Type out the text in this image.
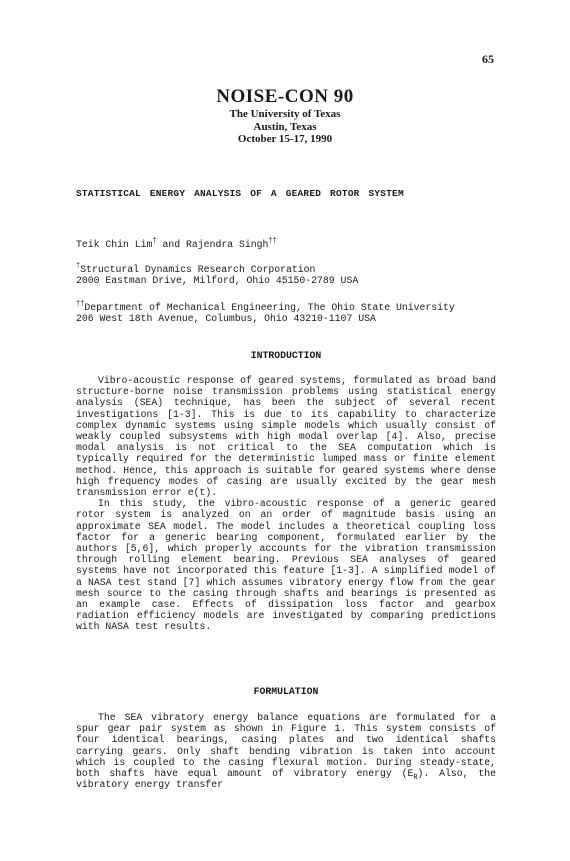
65
NOISE-CON 90
The University of Texas
Austin, Texas
October 15-17, 1990
STATISTICAL ENERGY ANALYSIS OF A GEARED ROTOR SYSTEM
Teik Chin Lim† and Rajendra Singh††
†Structural Dynamics Research Corporation
2000 Eastman Drive, Milford, Ohio 45150-2789 USA
††Department of Mechanical Engineering, The Ohio State University
206 West 18th Avenue, Columbus, Ohio 43210-1107 USA
INTRODUCTION

Vibro-acoustic response of geared systems, formulated as broad band structure-borne noise transmission problems using statistical energy analysis (SEA) technique, has been the subject of several recent investigations [1-3]. This is due to its capability to characterize complex dynamic systems using simple models which usually consist of weakly coupled subsystems with high modal overlap [4]. Also, precise modal analysis is not critical to the SEA computation which is typically required for the deterministic lumped mass or finite element method. Hence, this approach is suitable for geared systems where dense high frequency modes of casing are usually excited by the gear mesh transmission error e(t).

In this study, the vibro-acoustic response of a generic geared rotor system is analyzed on an order of magnitude basis using an approximate SEA model. The model includes a theoretical coupling loss factor for a generic bearing component, formulated earlier by the authors [5,6], which properly accounts for the vibration transmission through rolling element bearing. Previous SEA analyses of geared systems have not incorporated this feature [1-3]. A simplified model of a NASA test stand [7] which assumes vibratory energy flow from the gear mesh source to the casing through shafts and bearings is presented as an example case. Effects of dissipation loss factor and gearbox radiation efficiency models are investigated by comparing predictions with NASA test results.

FORMULATION

The SEA vibratory energy balance equations are formulated for a spur gear pair system as shown in Figure 1. This system consists of four identical bearings, casing plates and two identical shafts carrying gears. Only shaft bending vibration is taken into account which is coupled to the casing flexural motion. During steady-state, both shafts have equal amount of vibratory energy $(E_R)$. Also, the vibratory energy transfer
